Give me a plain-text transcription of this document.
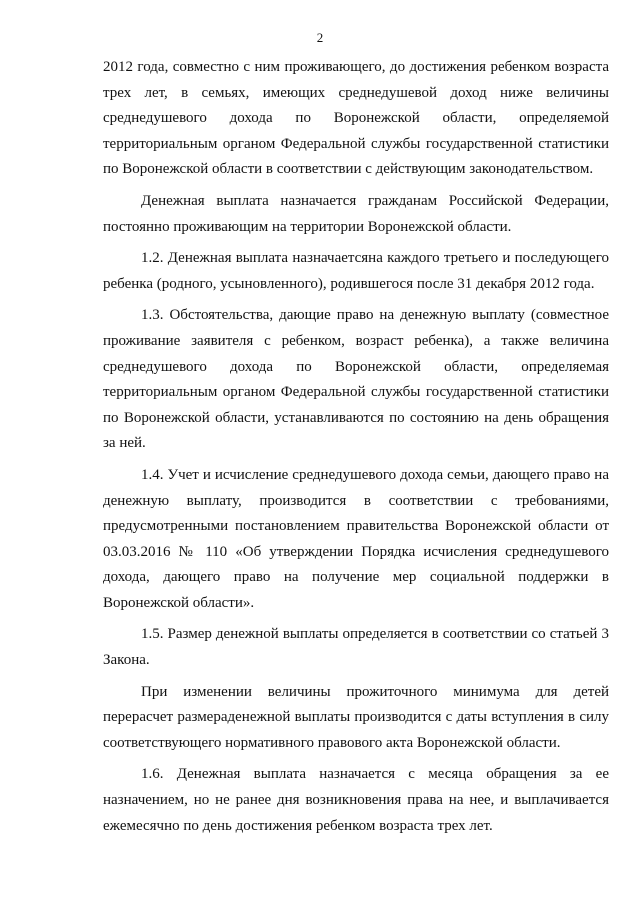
2

2012 года, совместно с ним проживающего, до достижения ребенком возраста трех лет, в семьях, имеющих среднедушевой доход ниже величины среднедушевого дохода по Воронежской области, определяемой территориальным органом Федеральной службы государственной статистики по Воронежской области в соответствии с действующим законодательством.

Денежная выплата назначается гражданам Российской Федерации, постоянно проживающим на территории Воронежской области.

1.2. Денежная выплата назначаетсяна каждого третьего и последующего ребенка (родного, усыновленного), родившегося после 31 декабря 2012 года.

1.3. Обстоятельства, дающие право на денежную выплату (совместное проживание заявителя с ребенком, возраст ребенка), а также величина среднедушевого дохода по Воронежской области, определяемая территориальным органом Федеральной службы государственной статистики по Воронежской области, устанавливаются по состоянию на день обращения за ней.

1.4. Учет и исчисление среднедушевого дохода семьи, дающего право на денежную выплату, производится в соответствии с требованиями, предусмотренными постановлением правительства Воронежской области от 03.03.2016 № 110 «Об утверждении Порядка исчисления среднедушевого дохода, дающего право на получение мер социальной поддержки в Воронежской области».

1.5. Размер денежной выплаты определяется в соответствии со статьей 3 Закона.

При изменении величины прожиточного минимума для детей перерасчет размераденежной выплаты производится с даты вступления в силу соответствующего нормативного правового акта Воронежской области.

1.6. Денежная выплата назначается с месяца обращения за ее назначением, но не ранее дня возникновения права на нее, и выплачивается ежемесячно по день достижения ребенком возраста трех лет.
